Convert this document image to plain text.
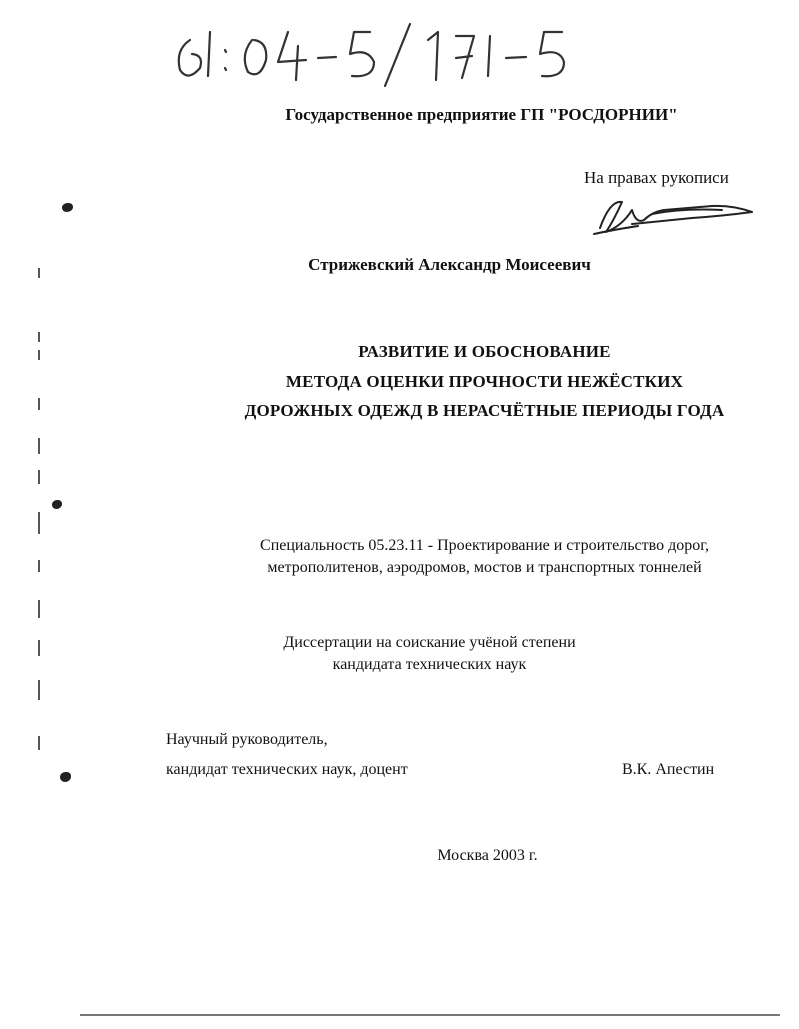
61:04-5/171-5
Государственное предприятие ГП "РОСДОРНИИ"
На правах рукописи
Стрижевский Александр Моисеевич
РАЗВИТИЕ И ОБОСНОВАНИЕ
МЕТОДА ОЦЕНКИ ПРОЧНОСТИ НЕЖЁСТКИХ
ДОРОЖНЫХ ОДЕЖД В НЕРАСЧЁТНЫЕ ПЕРИОДЫ ГОДА
Специальность 05.23.11 - Проектирование и строительство дорог,
метрополитенов, аэродромов, мостов и транспортных тоннелей
Диссертации на соискание учёной степени
кандидата технических наук
Научный руководитель,
кандидат технических наук, доцент	В.К. Апестин
Москва 2003 г.
